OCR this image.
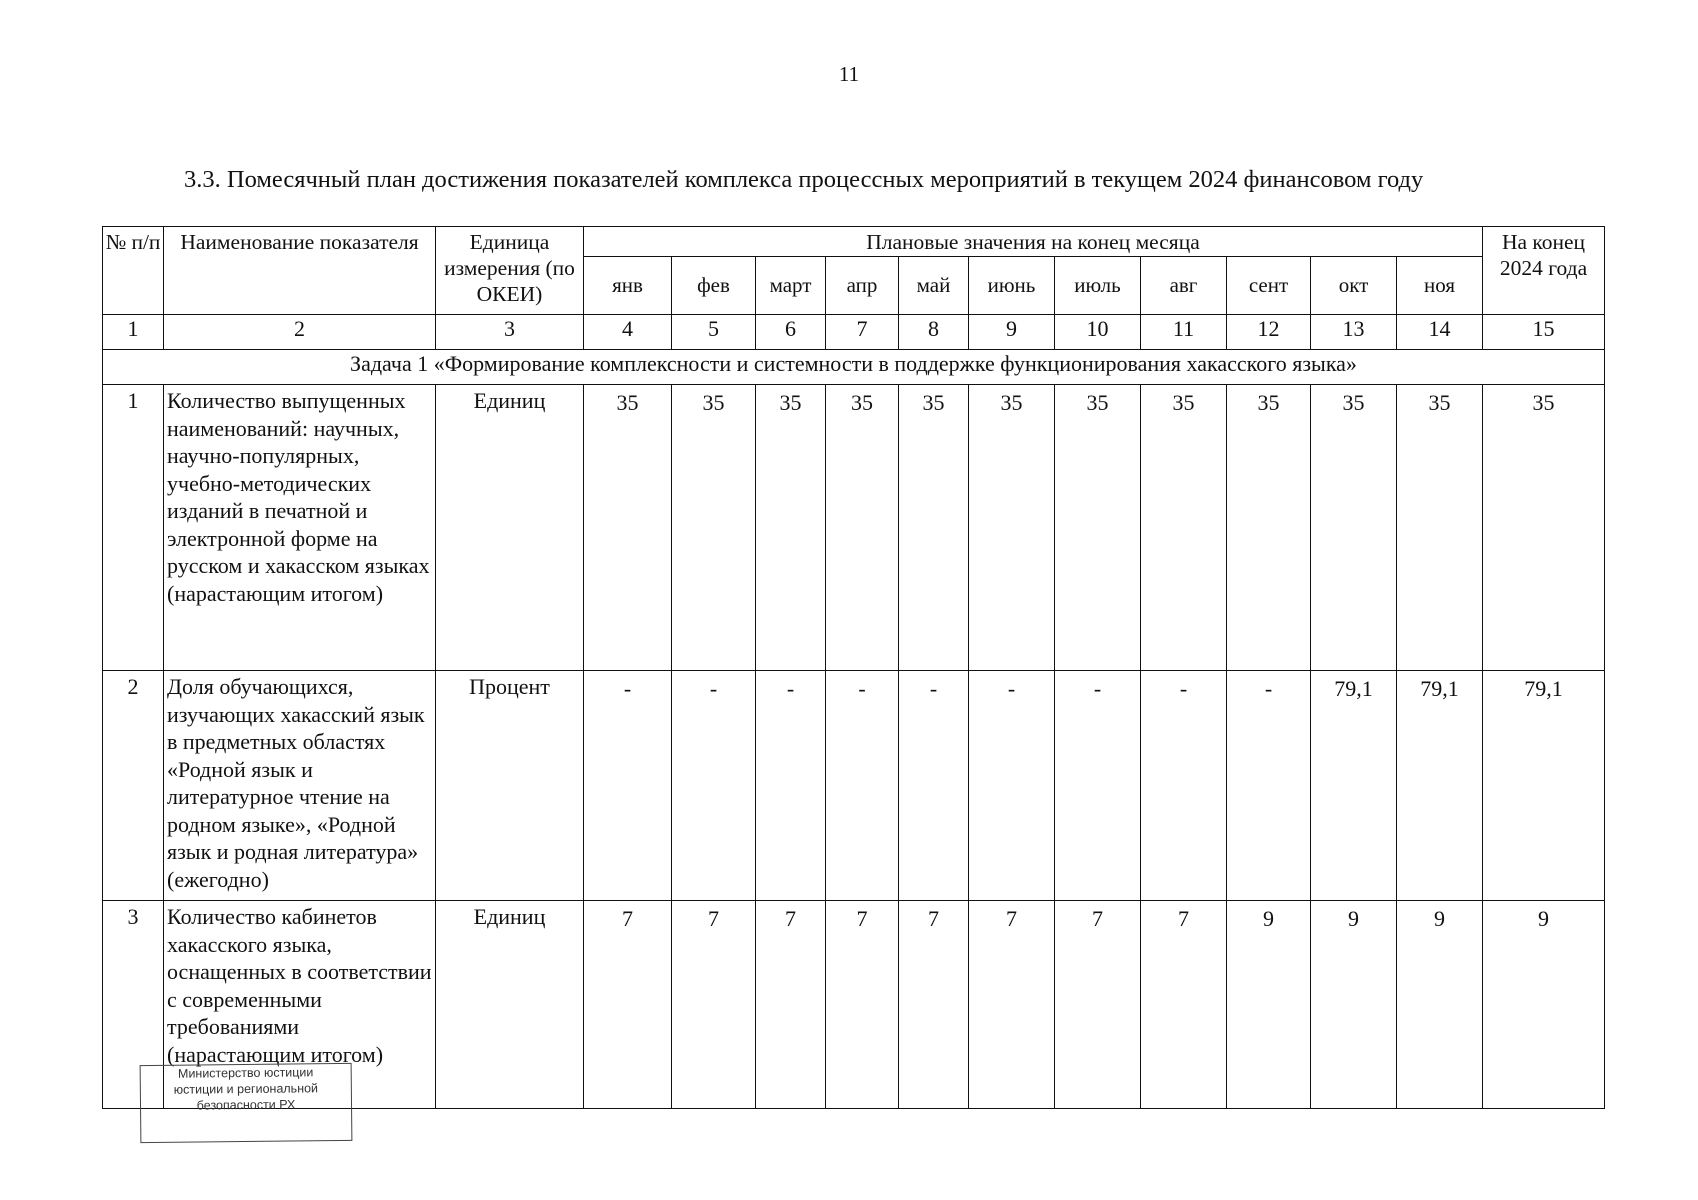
11
3.3. Помесячный план достижения показателей комплекса процессных мероприятий в текущем 2024 финансовом году
№ п/п	Наименование показателя	Единица измерения (по ОКЕИ)	Плановые значения на конец месяца											На конец 2024 года
			янв	фев	март	апр	май	июнь	июль	авг	сент	окт	ноя	
1	2	3	4	5	6	7	8	9	10	11	12	13	14	15
Задача 1 «Формирование комплексности и системности в поддержке функционирования хакасского языка»														
1	Количество выпущенных наименований: научных, научно-популярных, учебно-методических изданий в печатной и электронной форме на русском и хакасском языках (нарастающим итогом)	Единиц	35	35	35	35	35	35	35	35	35	35	35	35
2	Доля обучающихся, изучающих хакасский язык в предметных областях «Родной язык и литературное чтение на родном языке», «Родной язык и родная литература» (ежегодно)	Процент	-	-	-	-	-	-	-	-	-	79,1	79,1	79,1
3	Количество кабинетов хакасского языка, оснащенных в соответствии с современными требованиями (нарастающим итогом)	Единиц	7	7	7	7	7	7	7	7	9	9	9	9
Министерство юстиции
юстиции и региональной
безопасности РХ
